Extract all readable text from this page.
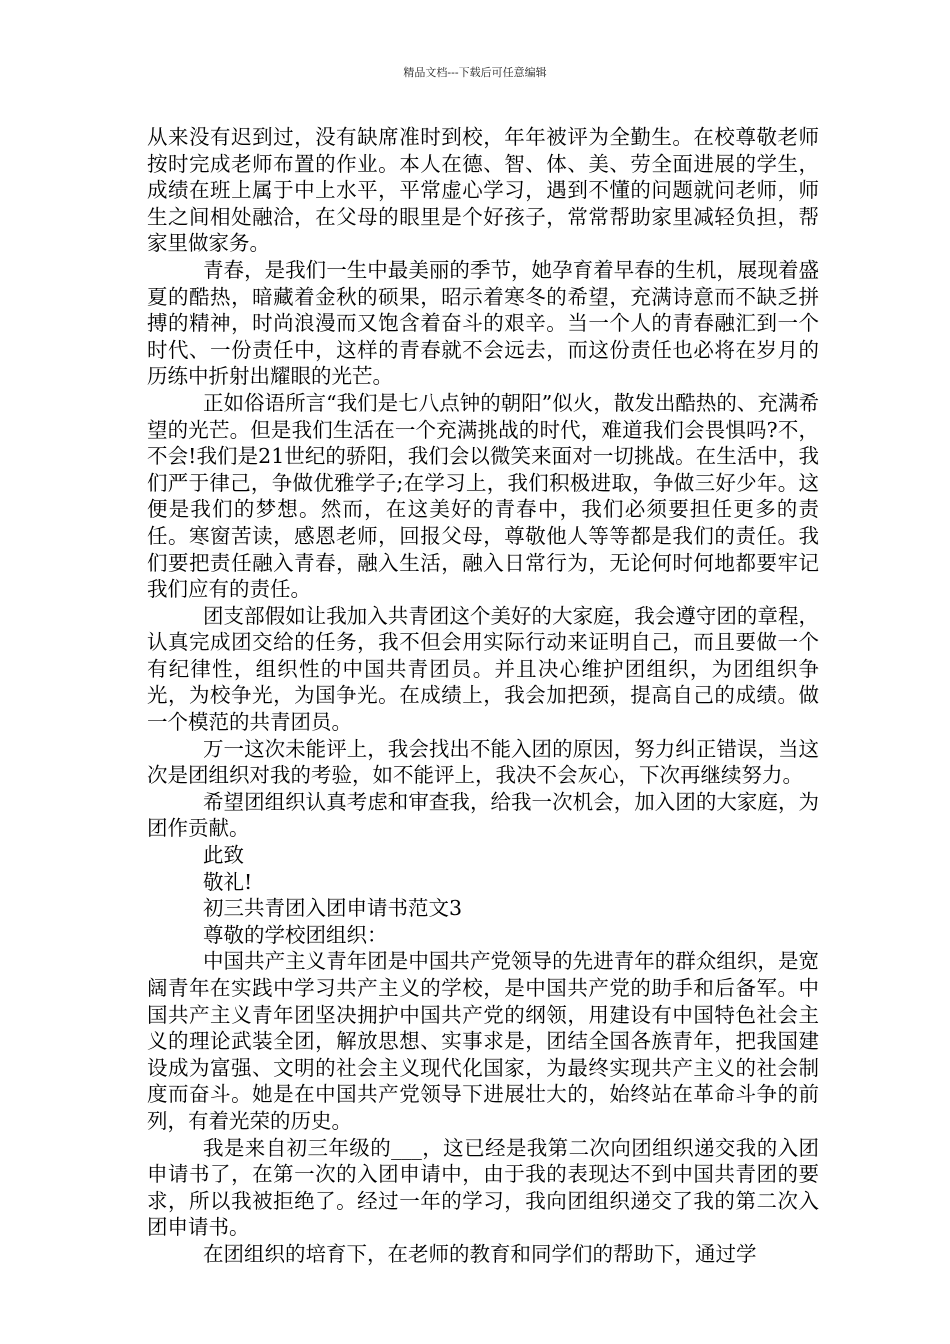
精品文档---下载后可任意编辑

从来没有迟到过，没有缺席准时到校，年年被评为全勤生。在校尊敬老师按时完成老师布置的作业。本人在德、智、体、美、劳全面进展的学生，成绩在班上属于中上水平，平常虚心学习，遇到不懂的问题就问老师，师生之间相处融洽，在父母的眼里是个好孩子，常常帮助家里减轻负担，帮家里做家务。

青春，是我们一生中最美丽的季节，她孕育着早春的生机，展现着盛夏的酷热，暗藏着金秋的硕果，昭示着寒冬的希望，充满诗意而不缺乏拼搏的精神，时尚浪漫而又饱含着奋斗的艰辛。当一个人的青春融汇到一个时代、一份责任中，这样的青春就不会远去，而这份责任也必将在岁月的历练中折射出耀眼的光芒。

正如俗语所言“我们是七八点钟的朝阳”似火，散发出酷热的、充满希望的光芒。但是我们生活在一个充满挑战的时代，难道我们会畏惧吗?不，不会!我们是21世纪的骄阳，我们会以微笑来面对一切挑战。在生活中，我们严于律己，争做优雅学子;在学习上，我们积极进取，争做三好少年。这便是我们的梦想。然而，在这美好的青春中，我们必须要担任更多的责任。寒窗苦读，感恩老师，回报父母，尊敬他人等等都是我们的责任。我们要把责任融入青春，融入生活，融入日常行为，无论何时何地都要牢记我们应有的责任。

团支部假如让我加入共青团这个美好的大家庭，我会遵守团的章程，认真完成团交给的任务，我不但会用实际行动来证明自己，而且要做一个有纪律性，组织性的中国共青团员。并且决心维护团组织，为团组织争光，为校争光，为国争光。在成绩上，我会加把颈，提高自己的成绩。做一个模范的共青团员。

万一这次未能评上，我会找出不能入团的原因，努力纠正错误，当这次是团组织对我的考验，如不能评上，我决不会灰心，下次再继续努力。

希望团组织认真考虑和审查我，给我一次机会，加入团的大家庭，为团作贡献。

此致

敬礼!

初三共青团入团申请书范文3

尊敬的学校团组织：

中国共产主义青年团是中国共产党领导的先进青年的群众组织，是宽阔青年在实践中学习共产主义的学校，是中国共产党的助手和后备军。中国共产主义青年团坚决拥护中国共产党的纲领，用建设有中国特色社会主义的理论武装全团，解放思想、实事求是，团结全国各族青年，把我国建设成为富强、文明的社会主义现代化国家，为最终实现共产主义的社会制度而奋斗。她是在中国共产党领导下进展壮大的，始终站在革命斗争的前列，有着光荣的历史。

我是来自初三年级的___，这已经是我第二次向团组织递交我的入团申请书了，在第一次的入团申请中，由于我的表现达不到中国共青团的要求，所以我被拒绝了。经过一年的学习，我向团组织递交了我的第二次入团申请书。

在团组织的培育下，在老师的教育和同学们的帮助下，通过学
